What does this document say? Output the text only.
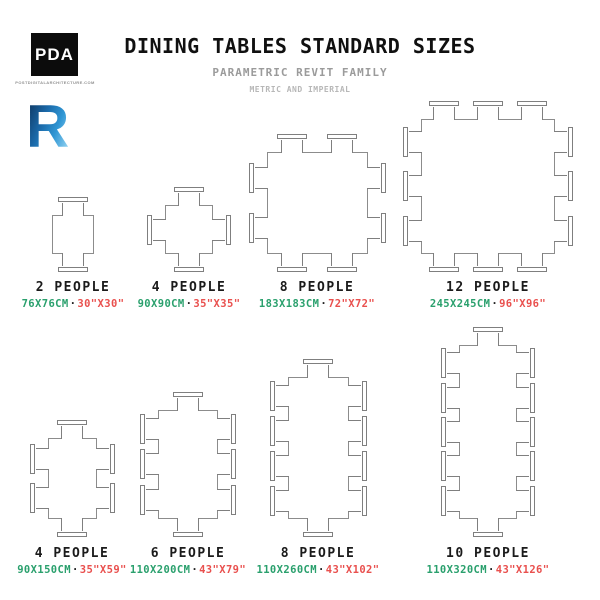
PDA
POSTDIGITALARCHITECTURE.COM
DINING TABLES STANDARD SIZES
PARAMETRIC REVIT FAMILY
METRIC AND IMPERIAL
R
2 PEOPLE
76X76CM·30"X30"
4 PEOPLE
90X90CM·35"X35"
8 PEOPLE
183X183CM·72"X72"
12 PEOPLE
245X245CM·96"X96"
4 PEOPLE
90X150CM·35"X59"
6 PEOPLE
110X200CM·43"X79"
8 PEOPLE
110X260CM·43"X102"
10 PEOPLE
110X320CM·43"X126"
